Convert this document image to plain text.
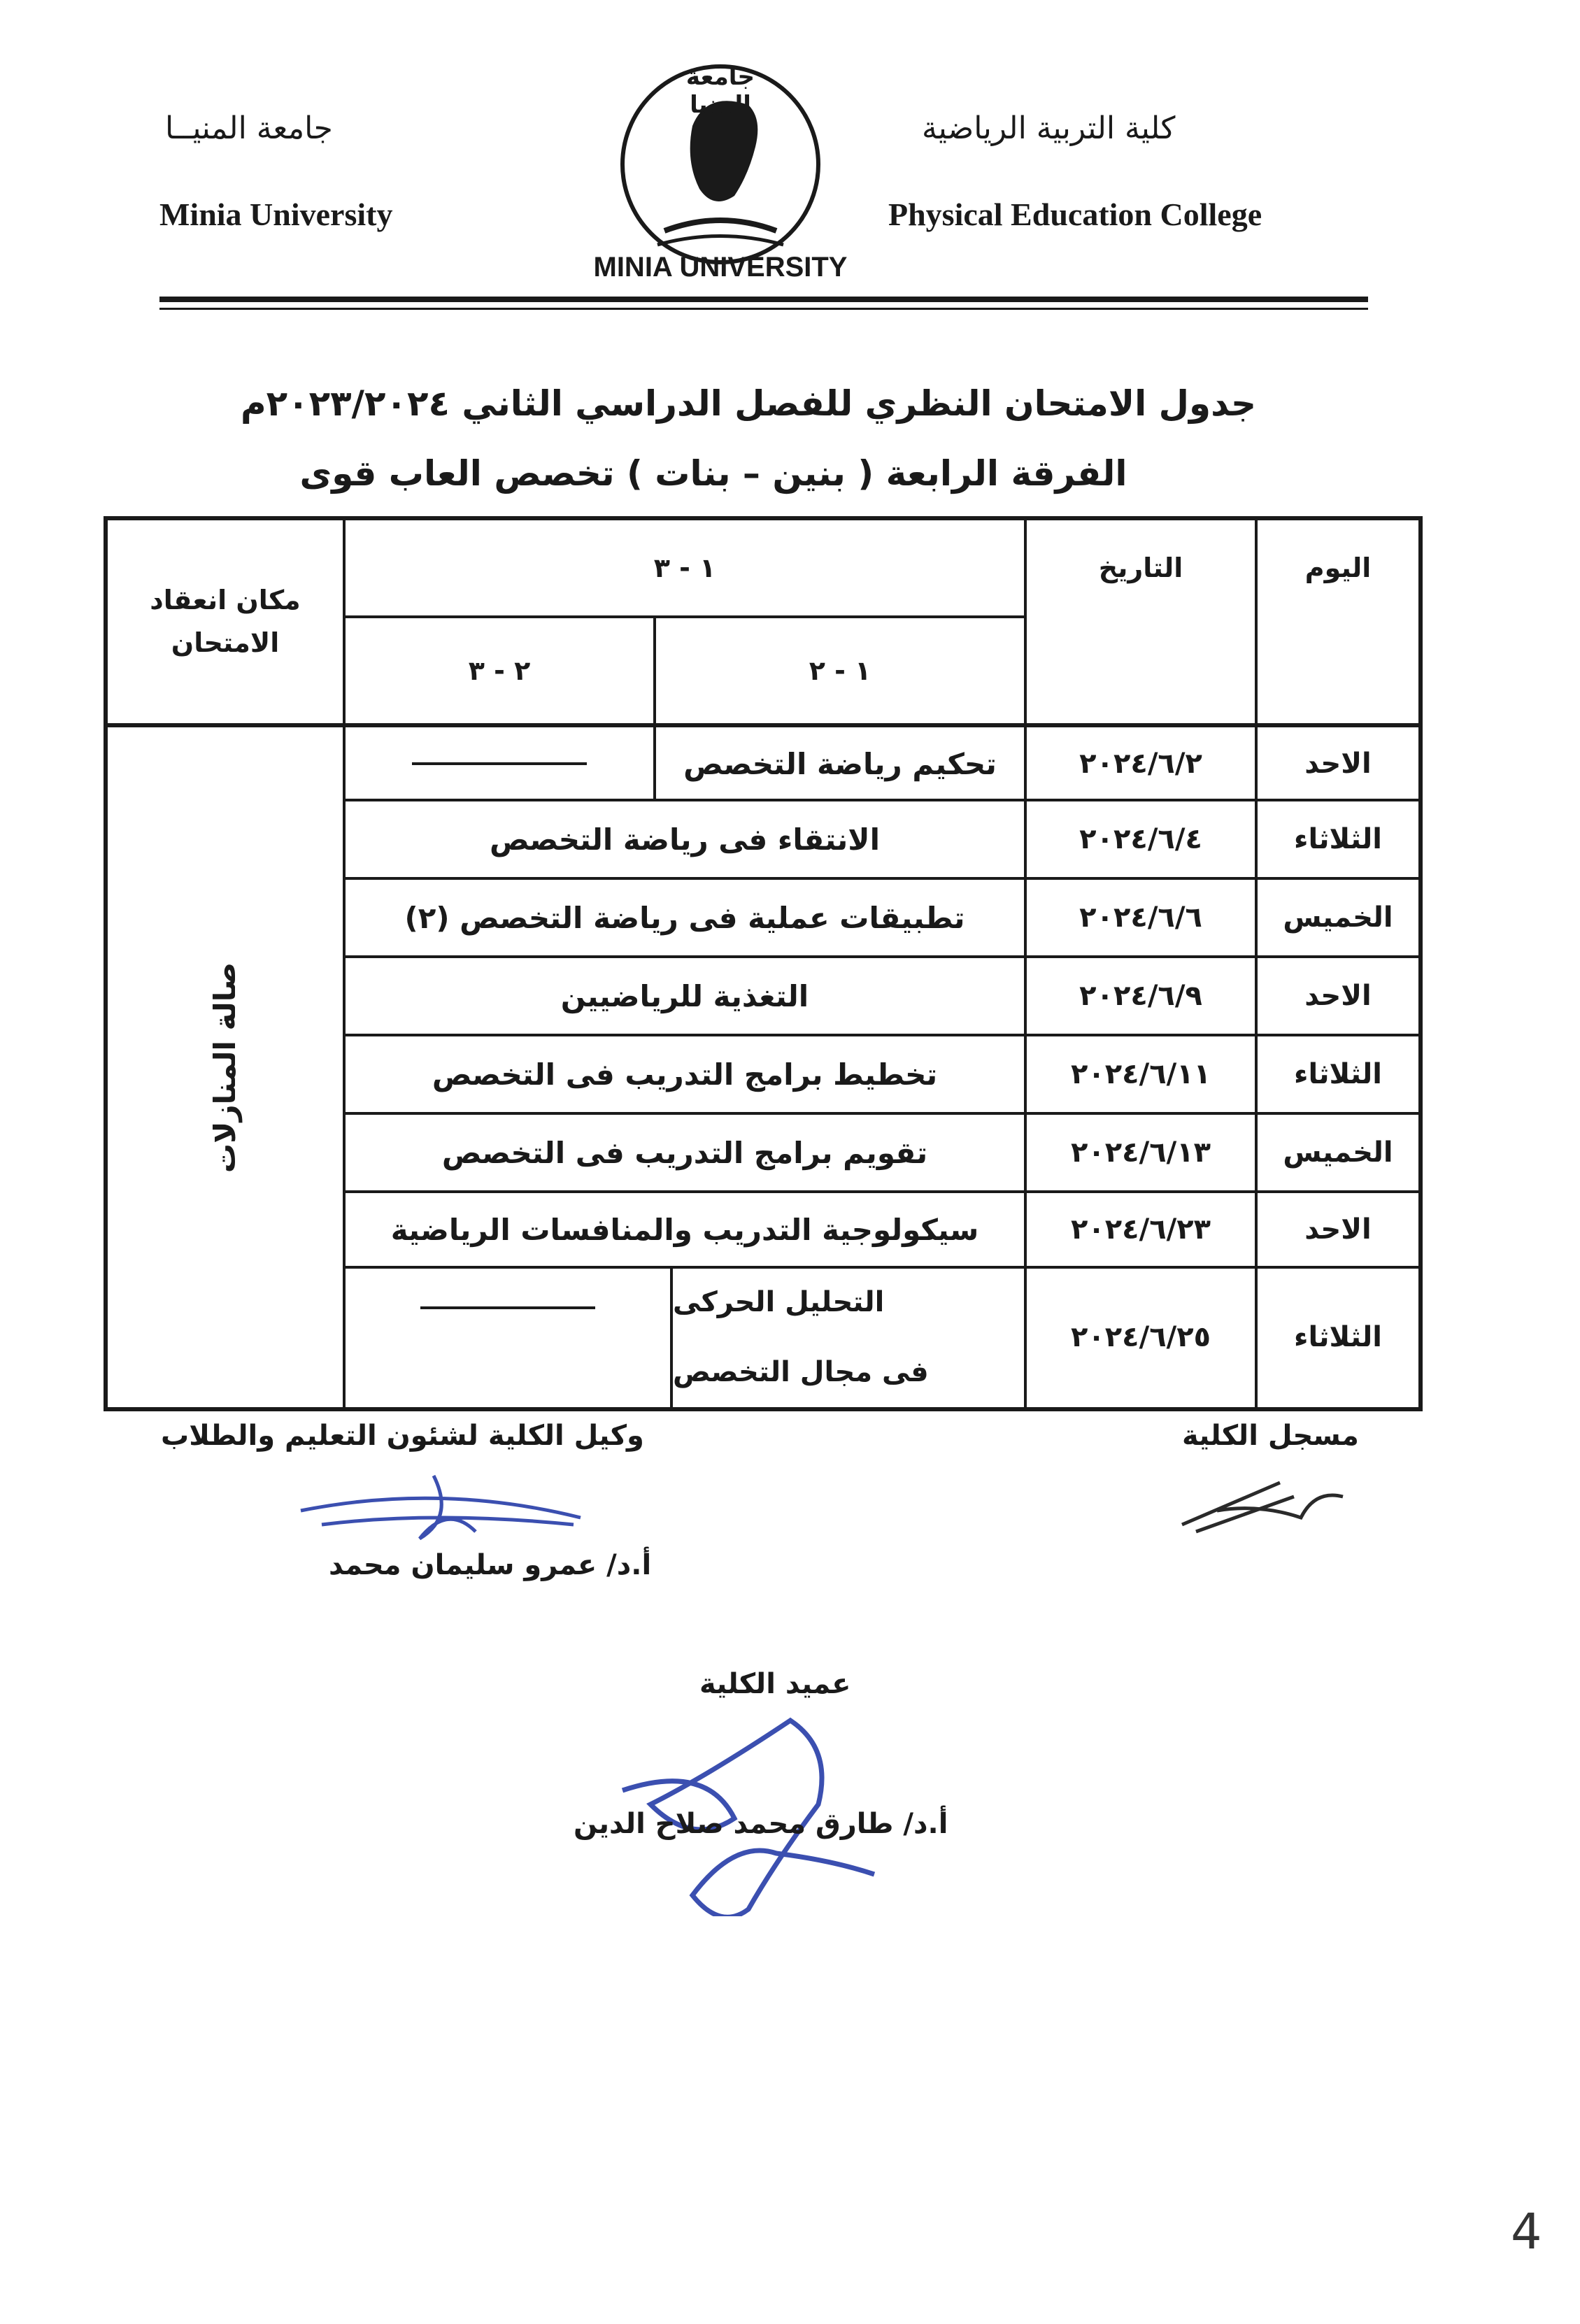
جامعة المنيــا
Minia University
كلية التربية الرياضية
Physical Education College
جامعة المنيا
MINIA UNIVERSITY
جدول الامتحان النظري للفصل الدراسي الثاني ٢٠٢٣/٢٠٢٤م
الفرقة الرابعة ( بنين – بنات ) تخصص العاب قوى
اليوم
التاريخ
١ - ٣
١ - ٢
٢ - ٣
مكان انعقاد الامتحان
صالة المنازلات
الاحد
٢٠٢٤/٦/٢
تحكيم رياضة التخصص
الثلاثاء
٢٠٢٤/٦/٤
الانتقاء فى رياضة التخصص
الخميس
٢٠٢٤/٦/٦
تطبيقات عملية فى رياضة التخصص (٢)
الاحد
٢٠٢٤/٦/٩
التغذية للرياضيين
الثلاثاء
٢٠٢٤/٦/١١
تخطيط برامج التدريب فى التخصص
الخميس
٢٠٢٤/٦/١٣
تقويم برامج التدريب فى التخصص
الاحد
٢٠٢٤/٦/٢٣
سيكولوجية التدريب والمنافسات الرياضية
الثلاثاء
٢٠٢٤/٦/٢٥
التحليل الحركى
فى مجال التخصص
مسجل الكلية
وكيل الكلية لشئون التعليم والطلاب
أ.د/ عمرو سليمان محمد
عميد الكلية
أ.د/ طارق محمد صلاح الدين
4
